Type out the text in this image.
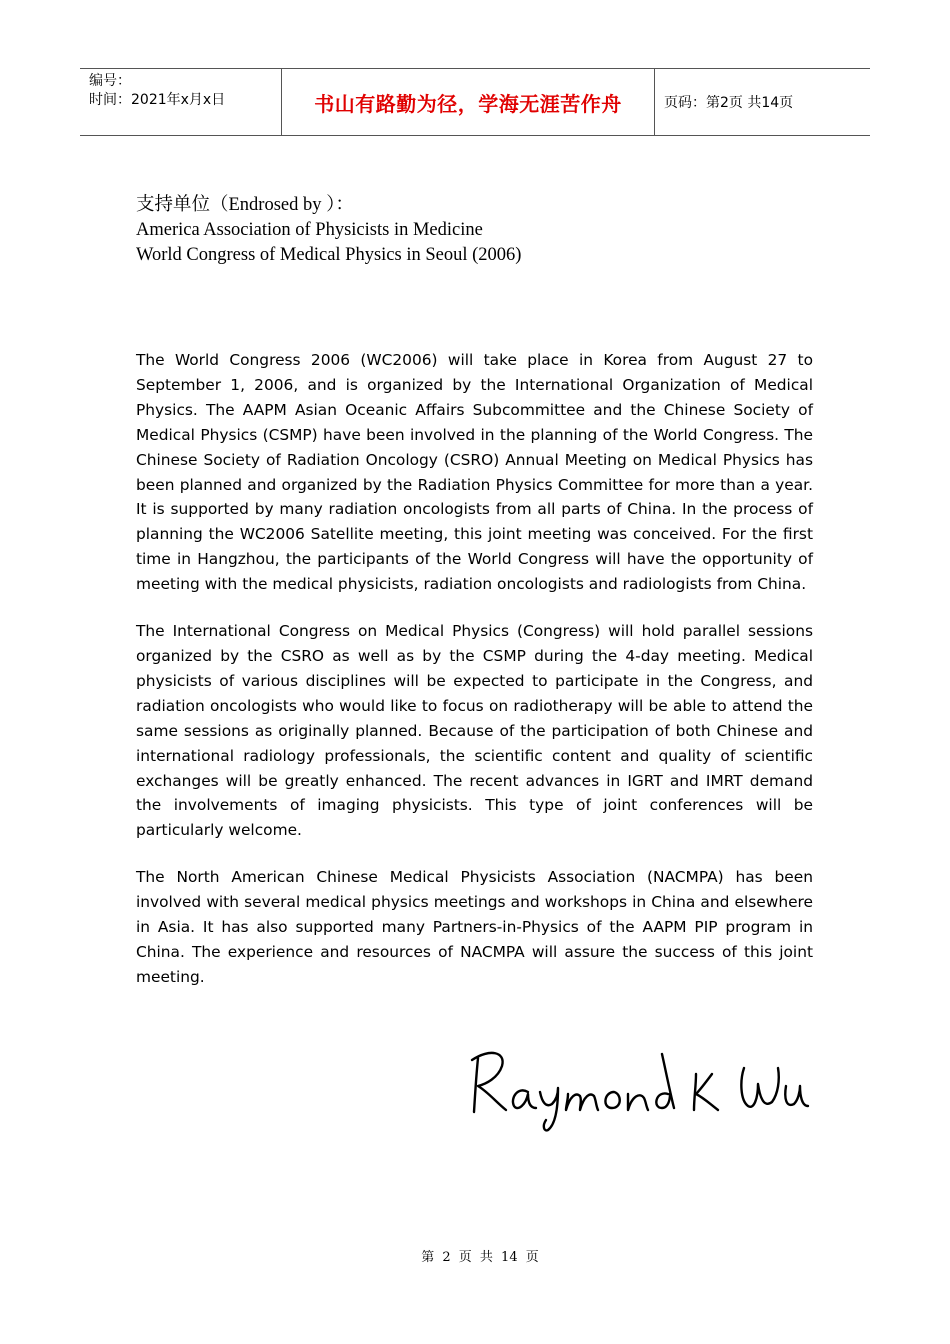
编号：
时间：2021年x月x日	书山有路勤为径，学海无涯苦作舟	页码：第2页 共14页
支持单位（Endrosed by ）：
America Association of Physicists in Medicine
World Congress of Medical Physics in Seoul (2006)

The World Congress 2006 (WC2006) will take place in Korea from August 27 to September 1, 2006, and is organized by the International Organization of Medical Physics. The AAPM Asian Oceanic Affairs Subcommittee and the Chinese Society of Medical Physics (CSMP) have been involved in the planning of the World Congress. The Chinese Society of Radiation Oncology (CSRO) Annual Meeting on Medical Physics has been planned and organized by the Radiation Physics Committee for more than a year. It is supported by many radiation oncologists from all parts of China. In the process of planning the WC2006 Satellite meeting, this joint meeting was conceived. For the first time in Hangzhou, the participants of the World Congress will have the opportunity of meeting with the medical physicists, radiation oncologists and radiologists from China.

The International Congress on Medical Physics (Congress) will hold parallel sessions organized by the CSRO as well as by the CSMP during the 4-day meeting. Medical physicists of various disciplines will be expected to participate in the Congress, and radiation oncologists who would like to focus on radiotherapy will be able to attend the same sessions as originally planned. Because of the participation of both Chinese and international radiology professionals, the scientific content and quality of scientific exchanges will be greatly enhanced. The recent advances in IGRT and IMRT demand the involvements of imaging physicists. This type of joint conferences will be particularly welcome.

The North American Chinese Medical Physicists Association (NACMPA) has been involved with several medical physics meetings and workshops in China and elsewhere in Asia. It has also supported many Partners-in-Physics of the AAPM PIP program in China. The experience and resources of NACMPA will assure the success of this joint meeting.

第 2 页 共 14 页
